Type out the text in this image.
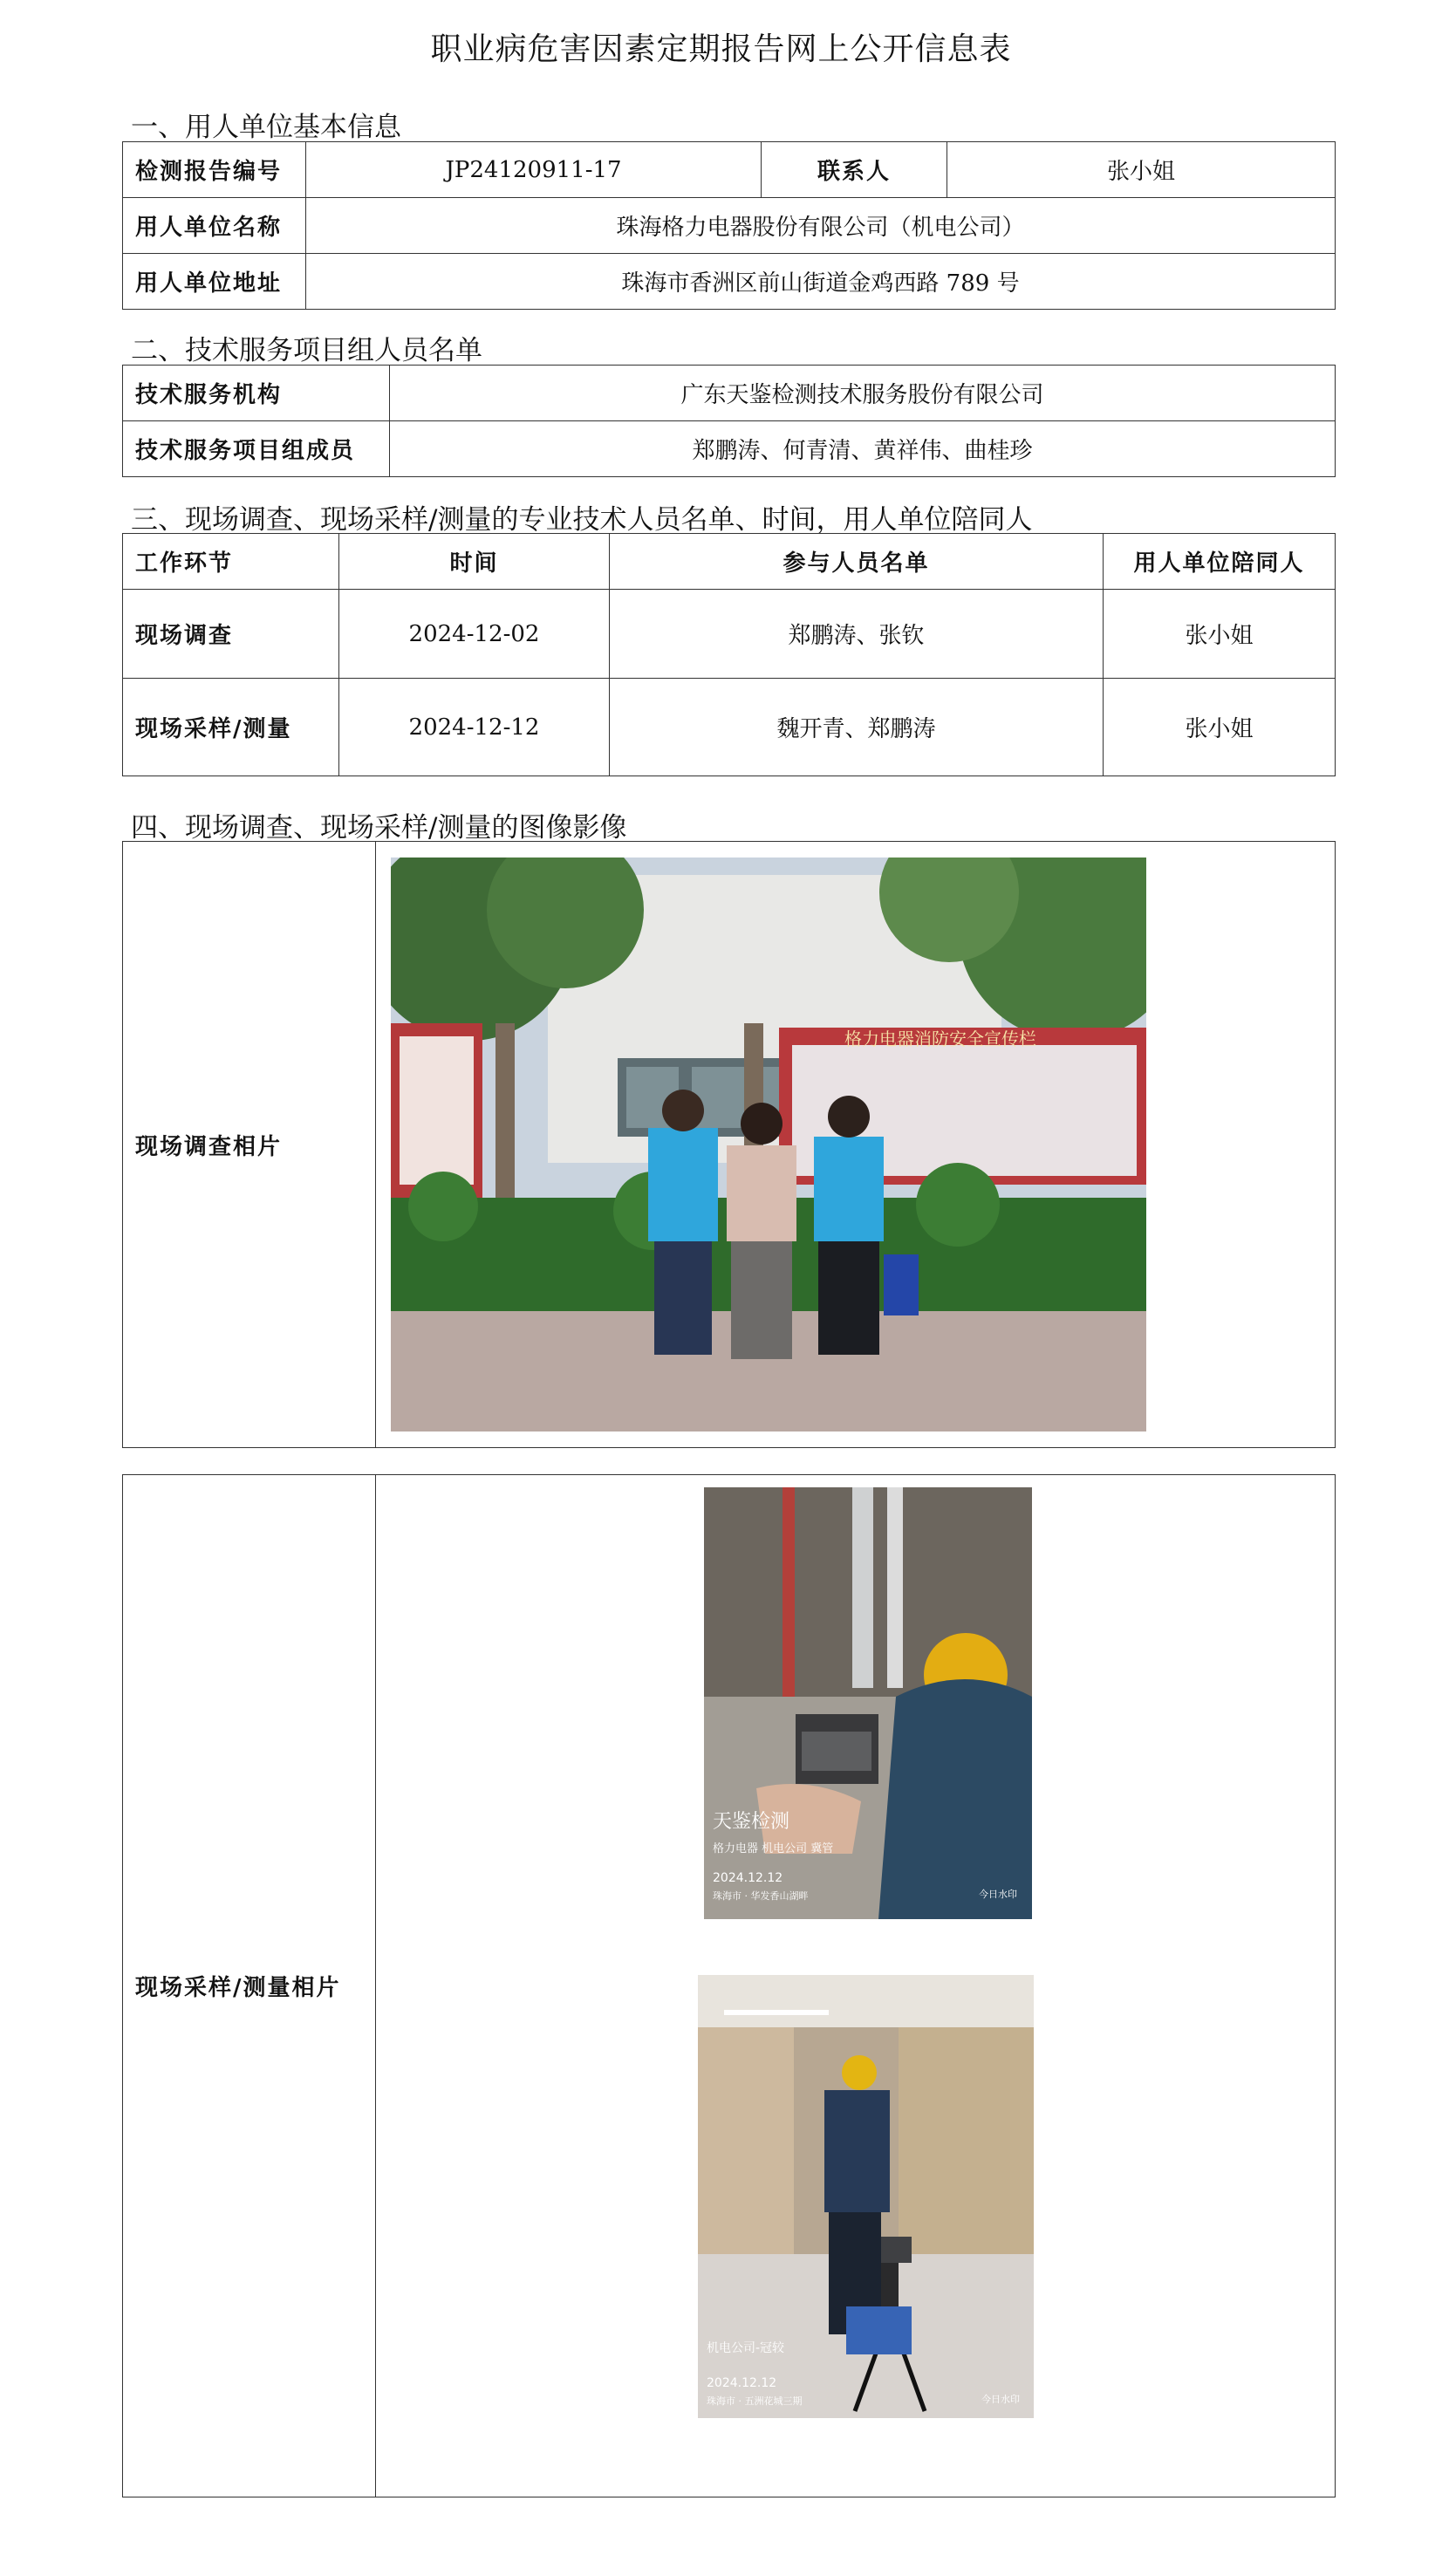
职业病危害因素定期报告网上公开信息表
一、用人单位基本信息
检测报告编号	JP24120911-17	联系人	张小姐
用人单位名称	珠海格力电器股份有限公司（机电公司）		
用人单位地址	珠海市香洲区前山街道金鸡西路 789 号		
二、技术服务项目组人员名单
技术服务机构	广东天鉴检测技术服务股份有限公司
技术服务项目组成员	郑鹏涛、何青清、黄祥伟、曲桂珍
三、现场调查、现场采样/测量的专业技术人员名单、时间，用人单位陪同人
工作环节	时间	参与人员名单	用人单位陪同人
现场调查	2024-12-02	郑鹏涛、张钦	张小姐
现场采样/测量	2024-12-12	魏开青、郑鹏涛	张小姐
四、现场调查、现场采样/测量的图像影像
现场调查相片	
现场采样/测量相片	
格力电器消防安全宣传栏
天鉴检测
格力电器 机电公司 冀管
2024.12.12
珠海市 · 华发香山湖畔	今日水印
机电公司-冠较
2024.12.12
珠海市 · 五洲花城三期	今日水印
